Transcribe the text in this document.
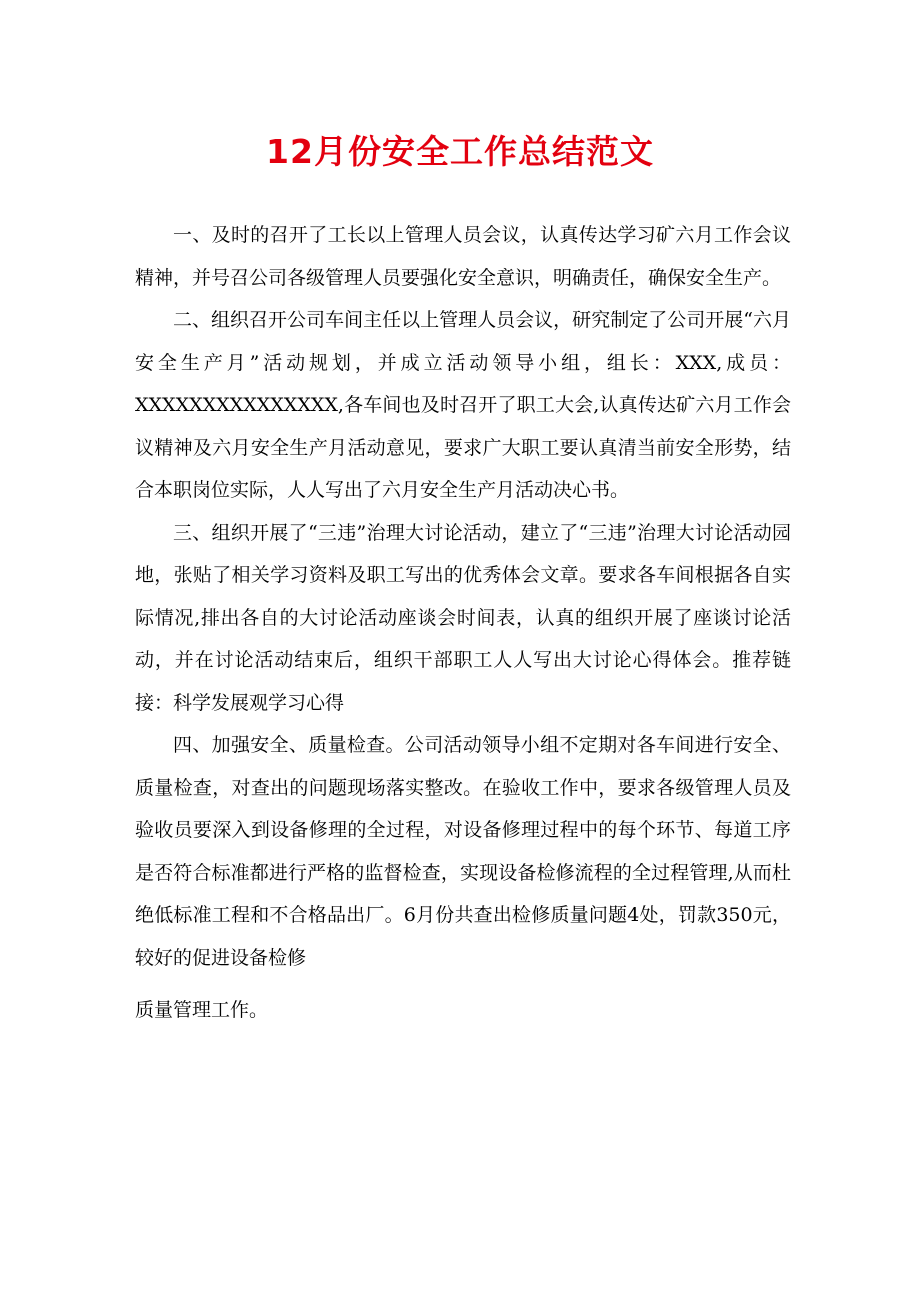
12月份安全工作总结范文

一、及时的召开了工长以上管理人员会议，认真传达学习矿六月工作会议精神，并号召公司各级管理人员要强化安全意识，明确责任，确保安全生产。

二、组织召开公司车间主任以上管理人员会议，研究制定了公司开展“六月安全生产月”活动规划，并成立活动领导小组，组长：XXX,成员：XXXXXXXXXXXXXXX,各车间也及时召开了职工大会,认真传达矿六月工作会议精神及六月安全生产月活动意见，要求广大职工要认真清当前安全形势，结合本职岗位实际，人人写出了六月安全生产月活动决心书。

三、组织开展了“三违”治理大讨论活动，建立了“三违”治理大讨论活动园地，张贴了相关学习资料及职工写出的优秀体会文章。要求各车间根据各自实际情况,排出各自的大讨论活动座谈会时间表，认真的组织开展了座谈讨论活动，并在讨论活动结束后，组织干部职工人人写出大讨论心得体会。推荐链接：科学发展观学习心得

四、加强安全、质量检查。公司活动领导小组不定期对各车间进行安全、质量检查，对查出的问题现场落实整改。在验收工作中，要求各级管理人员及验收员要深入到设备修理的全过程，对设备修理过程中的每个环节、每道工序是否符合标准都进行严格的监督检查，实现设备检修流程的全过程管理,从而杜绝低标准工程和不合格品出厂。6月份共查出检修质量问题4处，罚款350元，较好的促进设备检修

质量管理工作。
